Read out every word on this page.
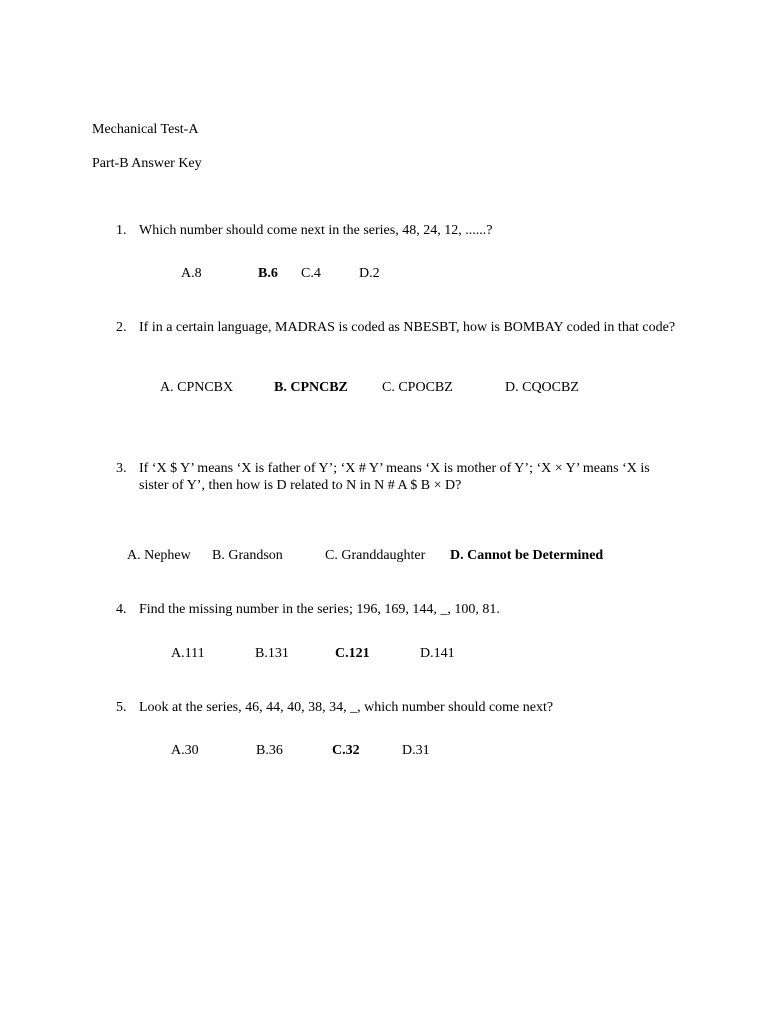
Mechanical Test-A
Part-B Answer Key
1. Which number should come next in the series, 48, 24, 12, ......?
A.8	B.6 C.4	D.2
2. If in a certain language, MADRAS is coded as NBESBT, how is BOMBAY coded in that code?
A. CPNCBX	B. CPNCBZ C. CPOCBZ	D. CQOCBZ
3. If ‘X $ Y’ means ‘X is father of Y’; ‘X # Y’ means ‘X is mother of Y’; ‘X × Y’ means ‘X is sister of Y’, then how is D related to N in N # A $ B × D?
A. Nephew B. Grandson	C. Granddaughter D. Cannot be Determined
4. Find the missing number in the series; 196, 169, 144, _, 100, 81.
A.111	B.131	C.121	D.141
5. Look at the series, 46, 44, 40, 38, 34, _, which number should come next?
A.30	B.36	C.32	D.31
